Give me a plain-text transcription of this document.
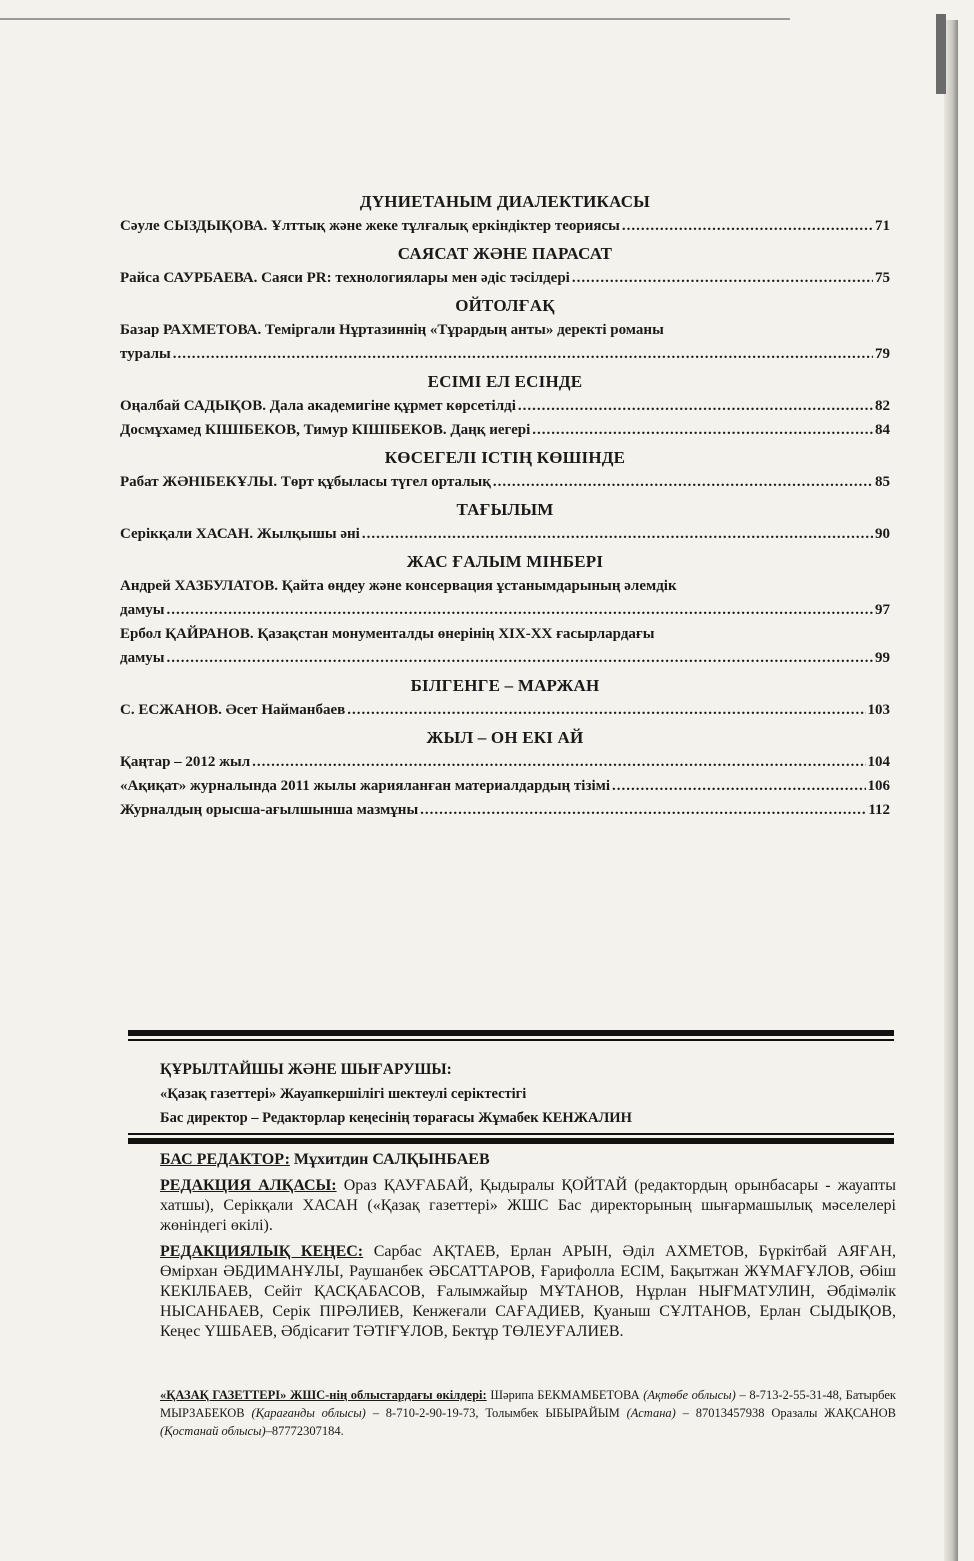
ДҮНИЕТАНЫМ ДИАЛЕКТИКАСЫ
Сәуле СЫЗДЫҚОВА. Ұлттық және жеке тұлғалық еркіндіктер теориясы .....	71
САЯСАТ ЖӘНЕ ПАРАСАТ
Райса САУРБАЕВА. Саяси PR: технологиялары мен әдіс тәсілдері .....	75
ОЙТОЛҒАҚ
Базар РАХМЕТОВА. Теміргали Нұртазиннің «Тұрардың анты» деректі романы
туралы .....	79
ЕСІМІ ЕЛ ЕСІНДЕ
Оңалбай САДЫҚОВ. Дала академигіне құрмет көрсетілді .....	82
Досмұхамед КІШІБЕКОВ, Тимур КІШІБЕКОВ. Даңқ иегері .....	84
КӨСЕГЕЛІ ІСТІҢ КӨШІНДЕ
Рабат ЖӘНІБЕКҰЛЫ. Төрт құбыласы түгел орталық .....	85
ТАҒЫЛЫМ
Серікқали ХАСАН. Жылқышы әні .....	90
ЖАС ҒАЛЫМ МІНБЕРІ
Андрей ХАЗБУЛАТОВ. Қайта өңдеу және консервация ұстанымдарының әлемдік
дамуы .....	97
Ербол ҚАЙРАНОВ. Қазақстан монументалды өнерінің XIX-XX ғасырлардағы
дамуы .....	99
БІЛГЕНГЕ – МАРЖАН
С. ЕСЖАНОВ. Әсет Найманбаев .....	103
ЖЫЛ – ОН ЕКІ АЙ
Қаңтар – 2012 жыл .....	104
«Ақиқат» журналында 2011 жылы жарияланған материалдардың тізімі .....	106
Журналдың орысша-ағылшынша мазмұны .....	112
ҚҰРЫЛТАЙШЫ ЖӘНЕ ШЫҒАРУШЫ:
«Қазақ газеттері» Жауапкершілігі шектеулі серіктестігі
Бас директор – Редакторлар кеңесінің төрағасы Жұмабек КЕНЖАЛИН

БАС РЕДАКТОР: Мұхитдин САЛҚЫНБАЕВ

РЕДАКЦИЯ АЛҚАСЫ: Ораз ҚАУҒАБАЙ, Қыдыралы ҚОЙТАЙ (редактордың орынбасары - жауапты хатшы), Серікқали ХАСАН («Қазақ газеттері» ЖШС Бас директорының шығармашылық мәселелері жөніндегі өкілі).

РЕДАКЦИЯЛЫҚ КЕҢЕС: Сарбас АҚТАЕВ, Ерлан АРЫН, Әділ АХМЕТОВ, Бүркітбай АЯҒАН, Өмірхан ӘБДИМАНҰЛЫ, Раушанбек ӘБСАТТАРОВ, Ғарифолла ЕСІМ, Бақытжан ЖҰМАҒҰЛОВ, Әбіш КЕКІЛБАЕВ, Сейіт ҚАСҚАБАСОВ, Ғалымжайыр МҰТАНОВ, Нұрлан НЫҒМАТУЛИН, Әбдімәлік НЫСАНБАЕВ, Серік ПІРӘЛИЕВ, Кенжеғали САҒАДИЕВ, Қуаныш СҰЛТАНОВ, Ерлан СЫДЫҚОВ, Кеңес ҮШБАЕВ, Әбдісағит ТӘТІҒҰЛОВ, Бектұр ТӨЛЕУҒАЛИЕВ.

«ҚАЗАҚ ГАЗЕТТЕРІ» ЖШС-нің облыстардағы өкілдері: Шәрипа БЕКМАМБЕТОВА (Ақтөбе облысы) – 8-713-2-55-31-48, Батырбек МЫРЗАБЕКОВ (Қарағанды облысы) – 8-710-2-90-19-73, Толымбек ЫБЫРАЙЫМ (Астана) – 87013457938 Оразалы ЖАҚСАНОВ (Қостанай облысы)–87772307184.
